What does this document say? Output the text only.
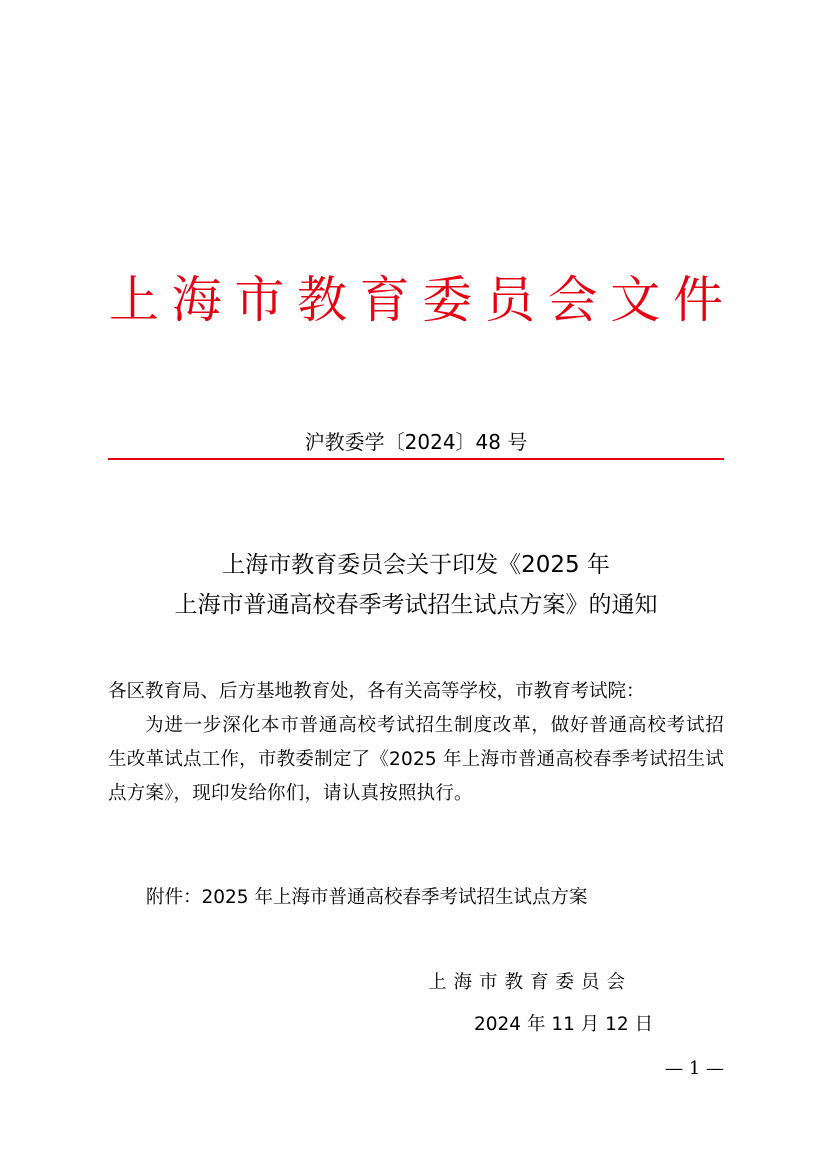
上 海 市 教 育 委 员 会 文 件
沪教委学〔2024〕48 号
上海市教育委员会关于印发《2025 年
上海市普通高校春季考试招生试点方案》的通知
各区教育局、后方基地教育处，各有关高等学校，市教育考试院：
为进一步深化本市普通高校考试招生制度改革，做好普通高校考试招生改革试点工作，市教委制定了《2025 年上海市普通高校春季考试招生试点方案》，现印发给你们，请认真按照执行。
附件：2025 年上海市普通高校春季考试招生试点方案
上海市教育委员会
2024 年 11 月 12 日
— 1 —
